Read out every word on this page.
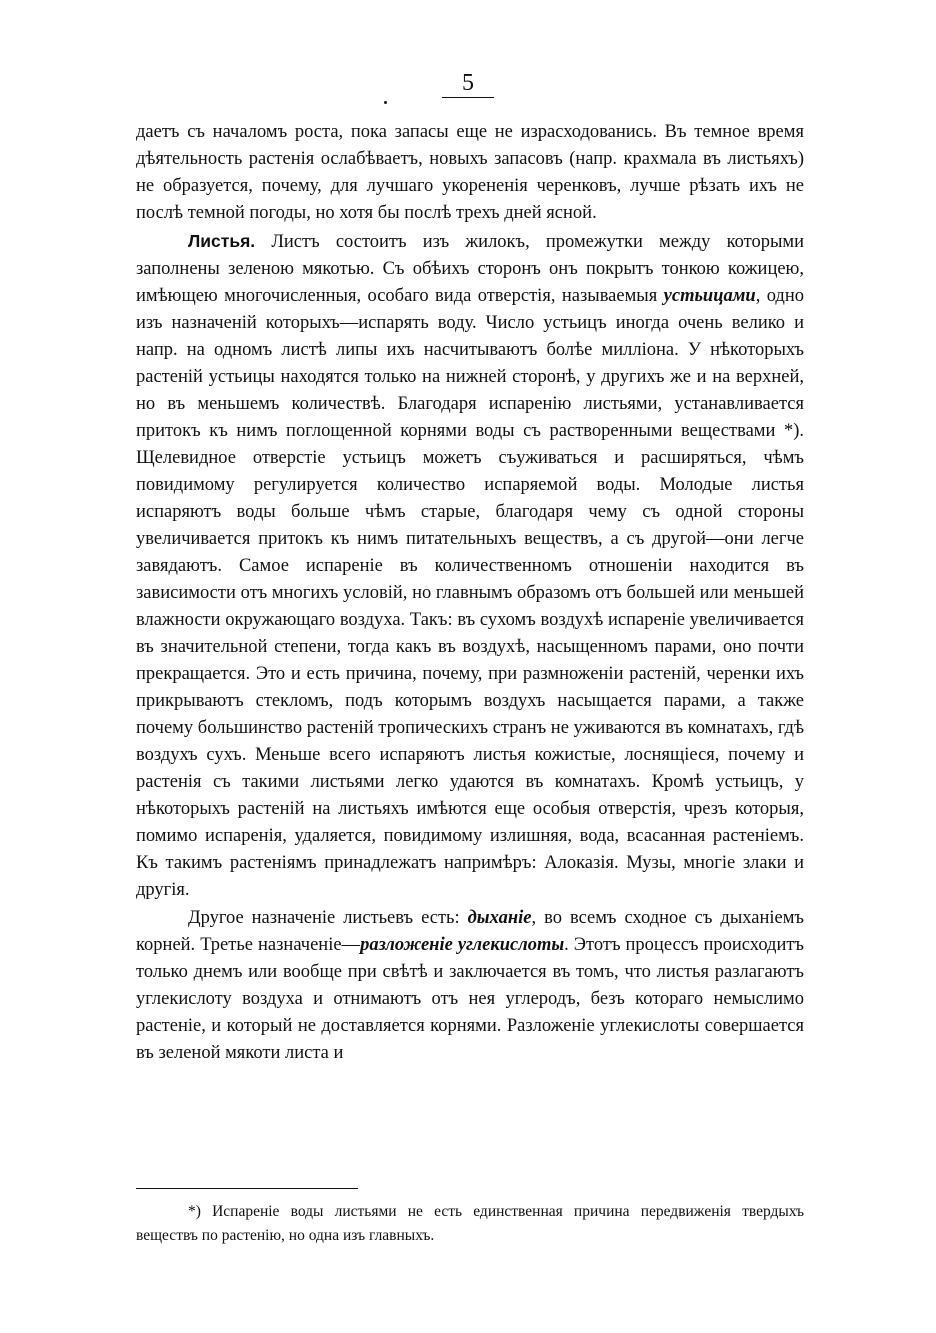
5

даетъ съ началомъ роста, пока запасы еще не израсходованись. Въ темное время дѣятельность растенія ослабѣваетъ, новыхъ запасовъ (напр. крахмала въ листьяхъ) не образуется, почему, для лучшаго укорененія черенковъ, лучше рѣзать ихъ не послѣ темной погоды, но хотя бы послѣ трехъ дней ясной.

Листья. Листъ состоитъ изъ жилокъ, промежутки между которыми заполнены зеленою мякотью. Съ обѣихъ сторонъ онъ покрытъ тонкою кожицею, имѣющею многочисленныя, особаго вида отверстія, называемыя устьицами, одно изъ назначеній которыхъ—испарять воду. Число устьицъ иногда очень велико и напр. на одномъ листѣ липы ихъ насчитываютъ болѣе милліона. У нѣкоторыхъ растеній устьицы находятся только на нижней сторонѣ, у другихъ же и на верхней, но въ меньшемъ количествѣ. Благодаря испаренію листьями, устанавливается притокъ къ нимъ поглощенной корнями воды съ растворенными веществами *). Щелевидное отверстіе устьицъ можетъ съуживаться и расширяться, чѣмъ повидимому регулируется количество испаряемой воды. Молодые листья испаряютъ воды больше чѣмъ старые, благодаря чему съ одной стороны увеличивается притокъ къ нимъ питательныхъ веществъ, а съ другой—они легче завядаютъ. Самое испареніе въ количественномъ отношеніи находится въ зависимости отъ многихъ условій, но главнымъ образомъ отъ большей или меньшей влажности окружающаго воздуха. Такъ: въ сухомъ воздухѣ испареніе увеличивается въ значительной степени, тогда какъ въ воздухѣ, насыщенномъ парами, оно почти прекращается. Это и есть причина, почему, при размноженіи растеній, черенки ихъ прикрываютъ стекломъ, подъ которымъ воздухъ насыщается парами, а также почему большинство растеній тропическихъ странъ не уживаются въ комнатахъ, гдѣ воздухъ сухъ. Меньше всего испаряютъ листья кожистые, лоснящіеся, почему и растенія съ такими листьями легко удаются въ комнатахъ. Кромѣ устьицъ, у нѣкоторыхъ растеній на листьяхъ имѣются еще особыя отверстія, чрезъ которыя, помимо испаренія, удаляется, повидимому излишняя, вода, всасанная растеніемъ. Къ такимъ растеніямъ принадлежатъ напримѣръ: Алоказія. Музы, многіе злаки и другія.

Другое назначеніе листьевъ есть: дыханіе, во всемъ сходное съ дыханіемъ корней. Третье назначеніе—разложеніе углекислоты. Этотъ процессъ происходитъ только днемъ или вообще при свѣтѣ и заключается въ томъ, что листья разлагаютъ углекислоту воздуха и отнимаютъ отъ нея углеродъ, безъ котораго немыслимо растеніе, и который не доставляется корнями. Разложеніе углекислоты совершается въ зеленой мякоти листа и

*) Испареніе воды листьями не есть единственная причина передвиженія твердыхъ веществъ по растенію, но одна изъ главныхъ.
